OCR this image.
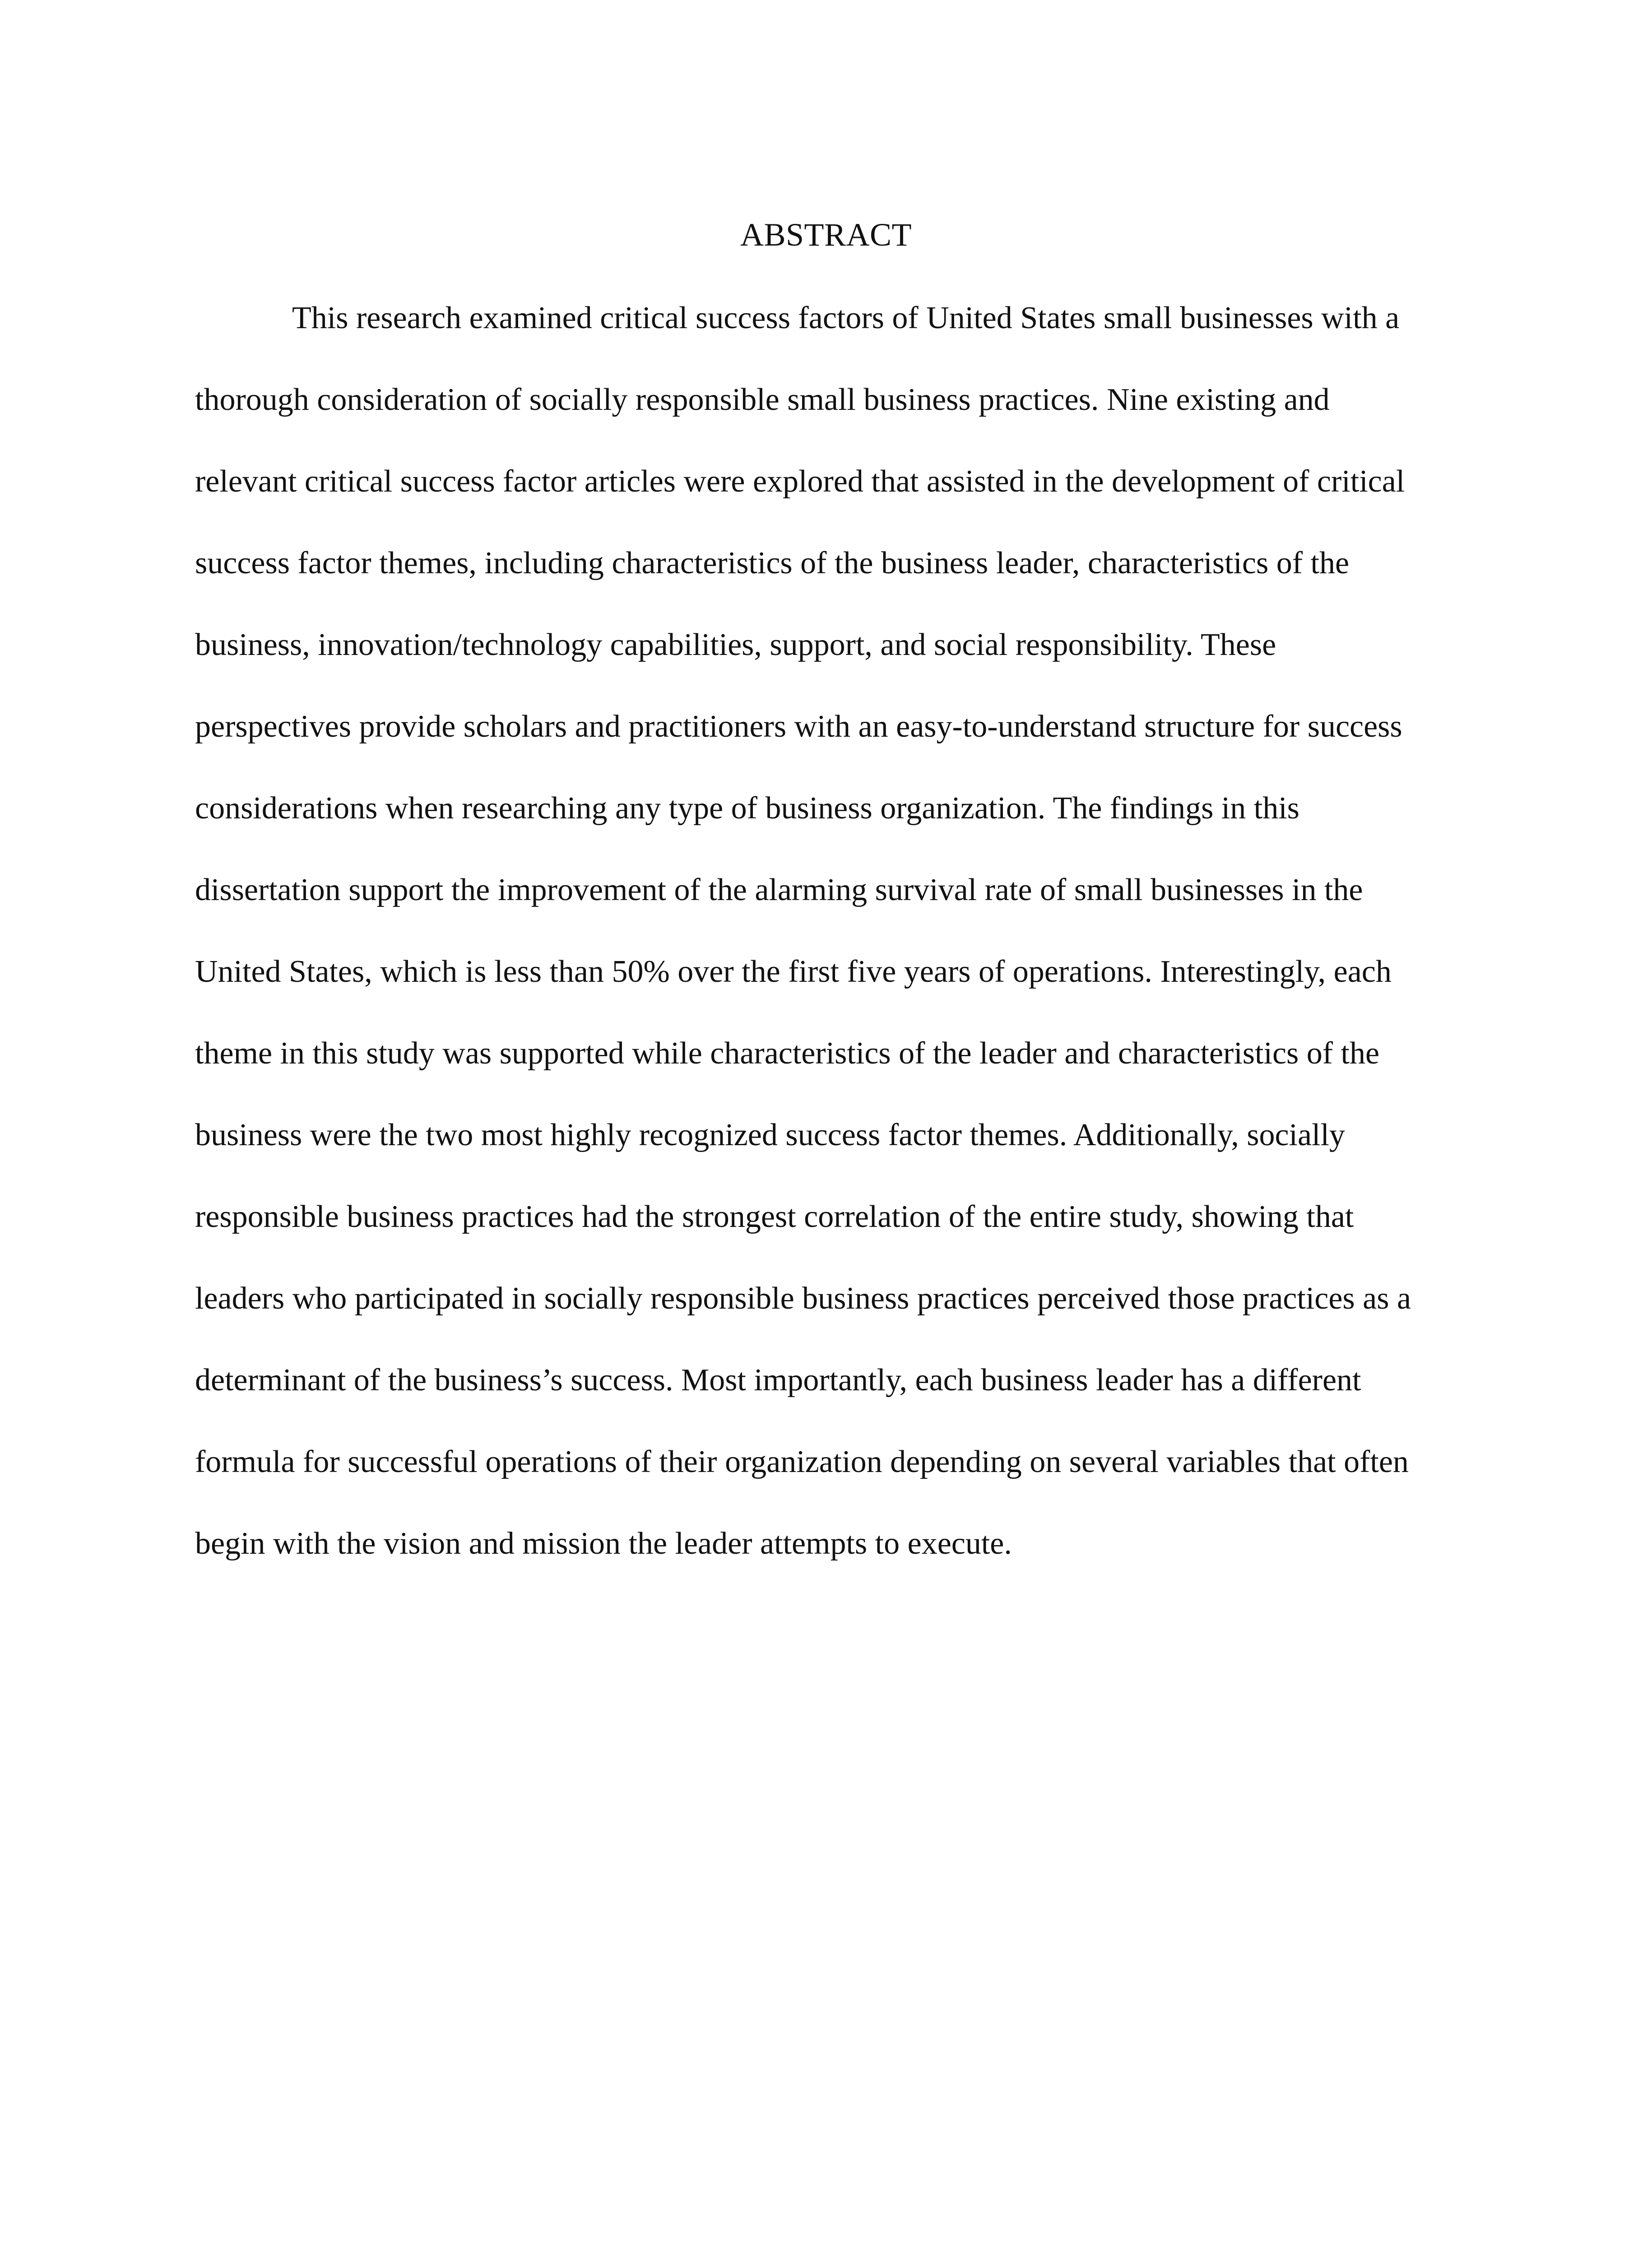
ABSTRACT
This research examined critical success factors of United States small businesses with a
thorough consideration of socially responsible small business practices. Nine existing and
relevant critical success factor articles were explored that assisted in the development of critical
success factor themes, including characteristics of the business leader, characteristics of the
business, innovation/technology capabilities, support, and social responsibility. These
perspectives provide scholars and practitioners with an easy-to-understand structure for success
considerations when researching any type of business organization. The findings in this
dissertation support the improvement of the alarming survival rate of small businesses in the
United States, which is less than 50% over the first five years of operations. Interestingly, each
theme in this study was supported while characteristics of the leader and characteristics of the
business were the two most highly recognized success factor themes. Additionally, socially
responsible business practices had the strongest correlation of the entire study, showing that
leaders who participated in socially responsible business practices perceived those practices as a
determinant of the business’s success. Most importantly, each business leader has a different
formula for successful operations of their organization depending on several variables that often
begin with the vision and mission the leader attempts to execute.
